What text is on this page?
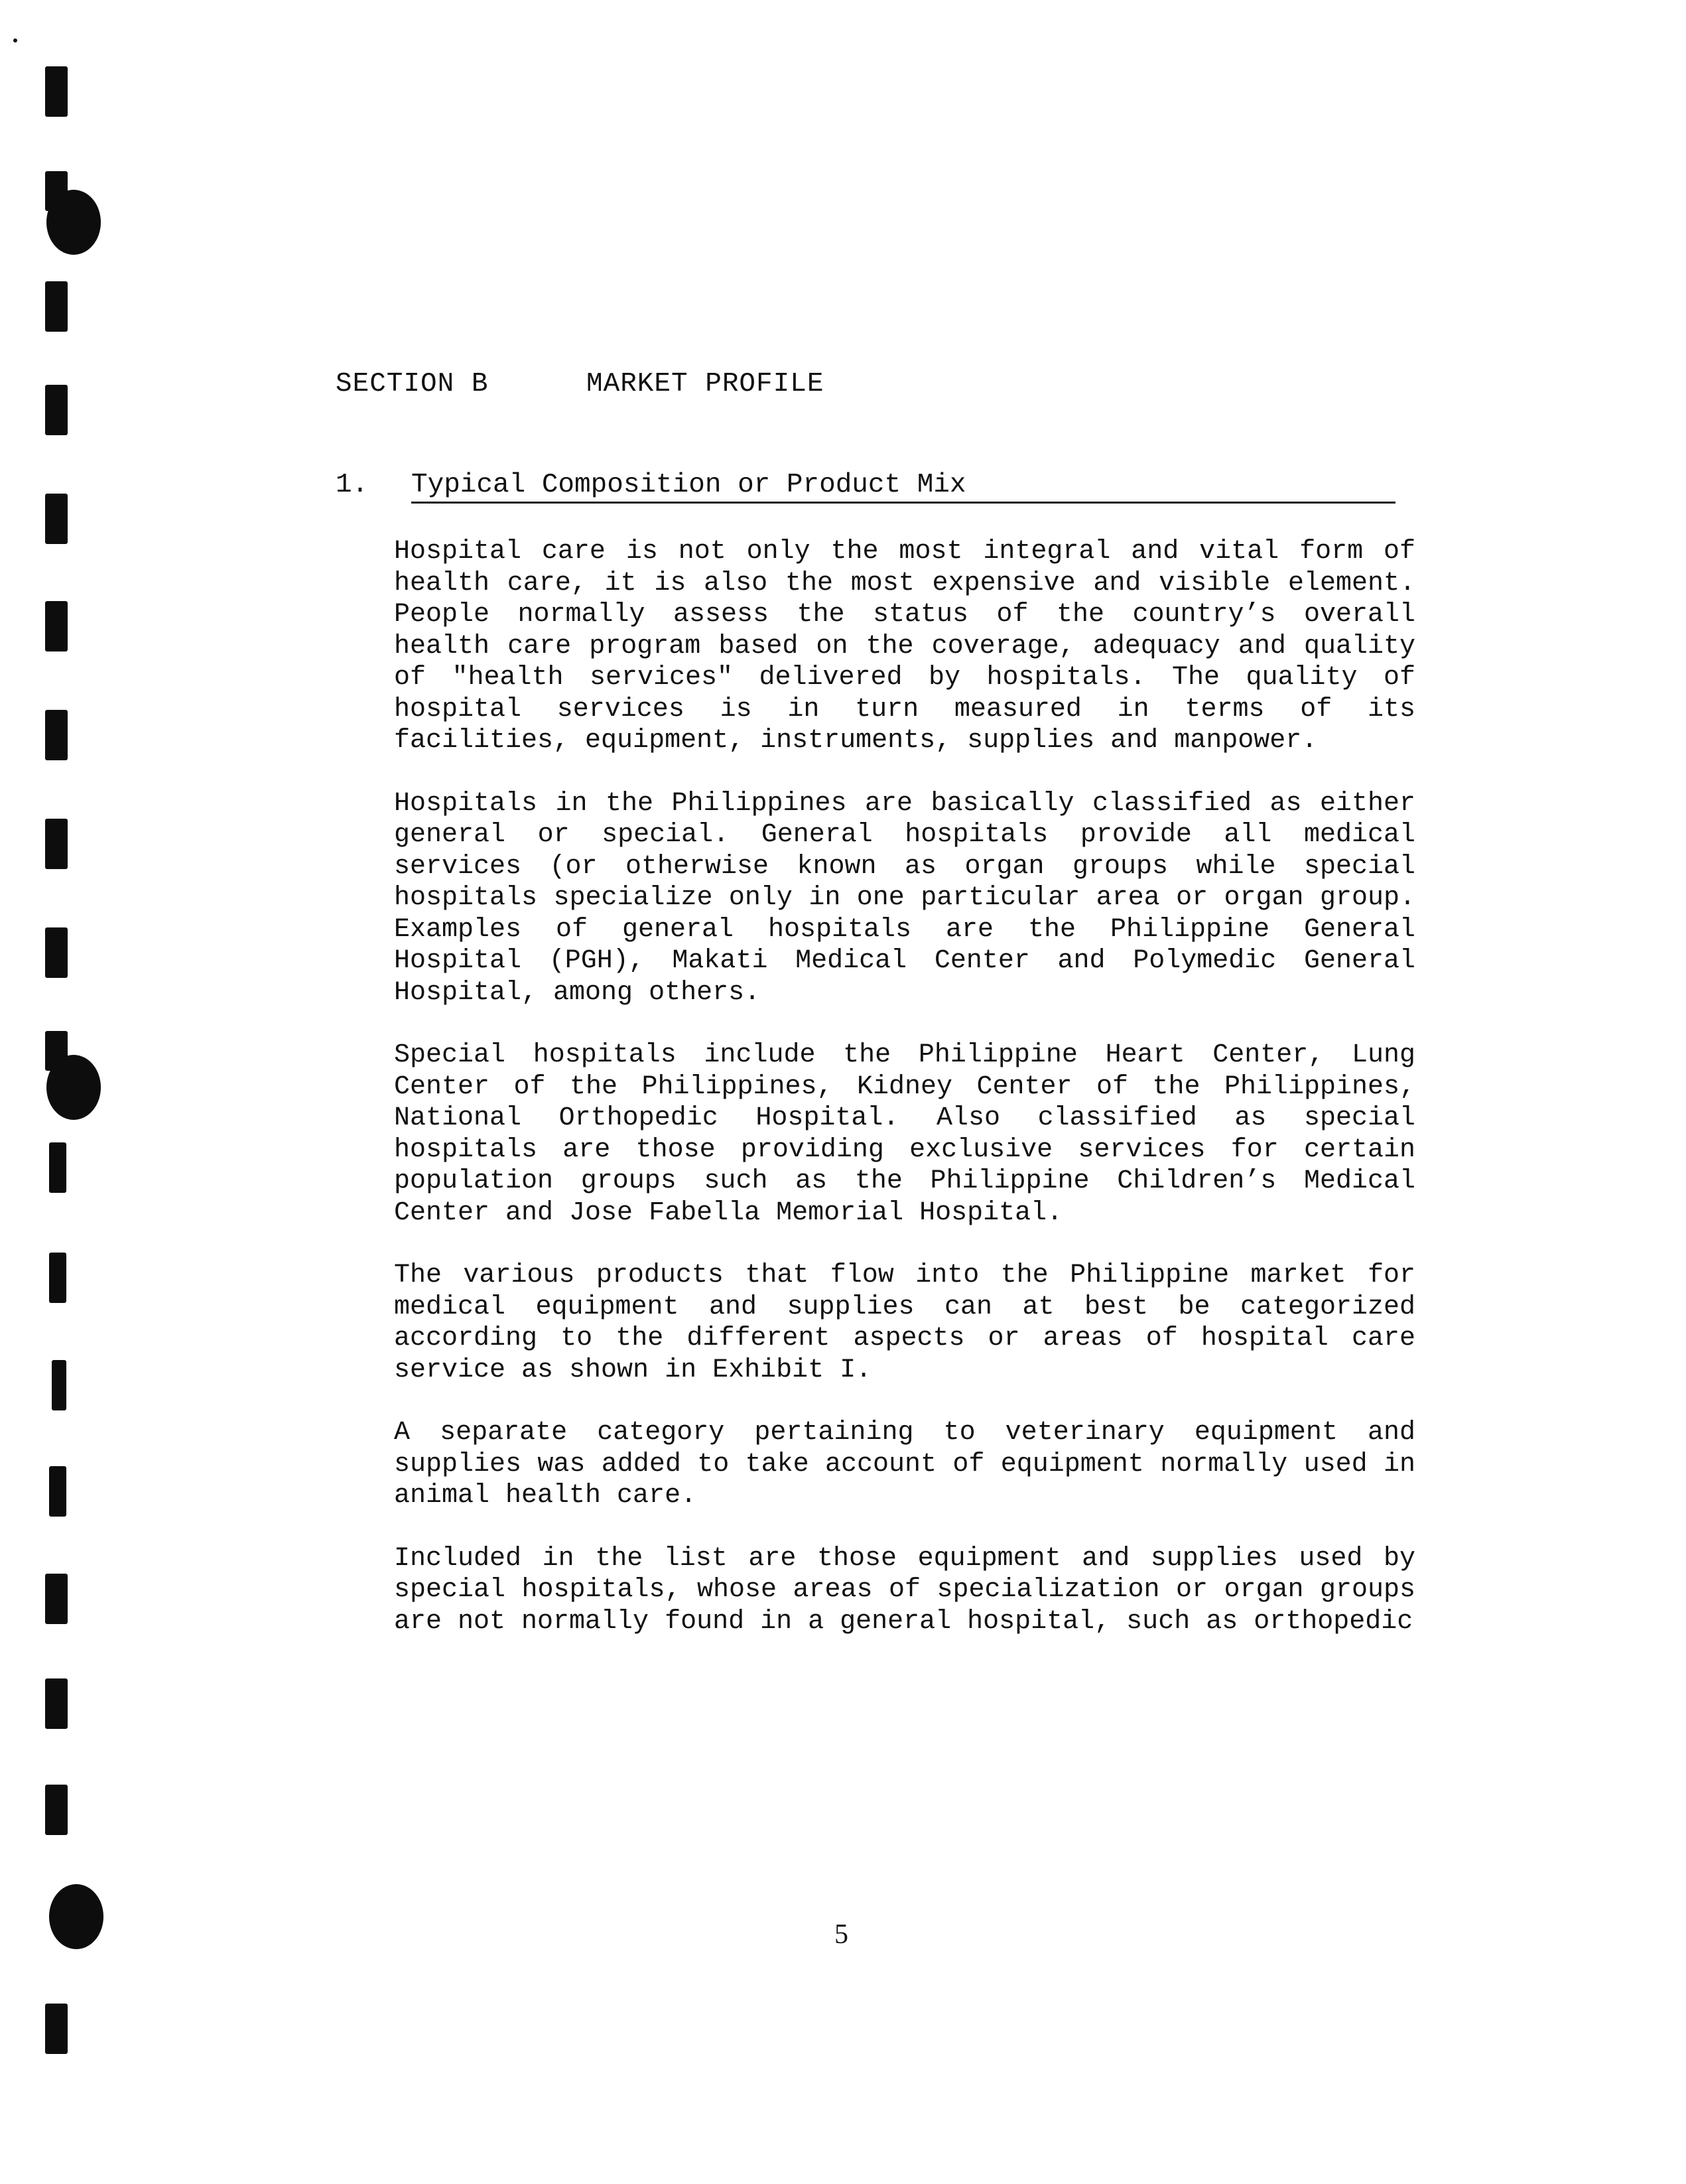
SECTION B	MARKET PROFILE
1. Typical Composition or Product Mix

Hospital care is not only the most integral and vital form of health care, it is also the most expensive and visible element. People normally assess the status of the country’s overall health care program based on the coverage, adequacy and quality of "health services" delivered by hospitals. The quality of hospital services is in turn measured in terms of its facilities, equipment, instruments, supplies and manpower.

Hospitals in the Philippines are basically classified as either general or special. General hospitals provide all medical services (or otherwise known as organ groups while special hospitals specialize only in one particular area or organ group. Examples of general hospitals are the Philippine General Hospital (PGH), Makati Medical Center and Polymedic General Hospital, among others.

Special hospitals include the Philippine Heart Center, Lung Center of the Philippines, Kidney Center of the Philippines, National Orthopedic Hospital. Also classified as special hospitals are those providing exclusive services for certain population groups such as the Philippine Children’s Medical Center and Jose Fabella Memorial Hospital.

The various products that flow into the Philippine market for medical equipment and supplies can at best be categorized according to the different aspects or areas of hospital care service as shown in Exhibit I.

A separate category pertaining to veterinary equipment and supplies was added to take account of equipment normally used in animal health care.

Included in the list are those equipment and supplies used by special hospitals, whose areas of specialization or organ groups are not normally found in a general hospital, such as orthopedic

5
